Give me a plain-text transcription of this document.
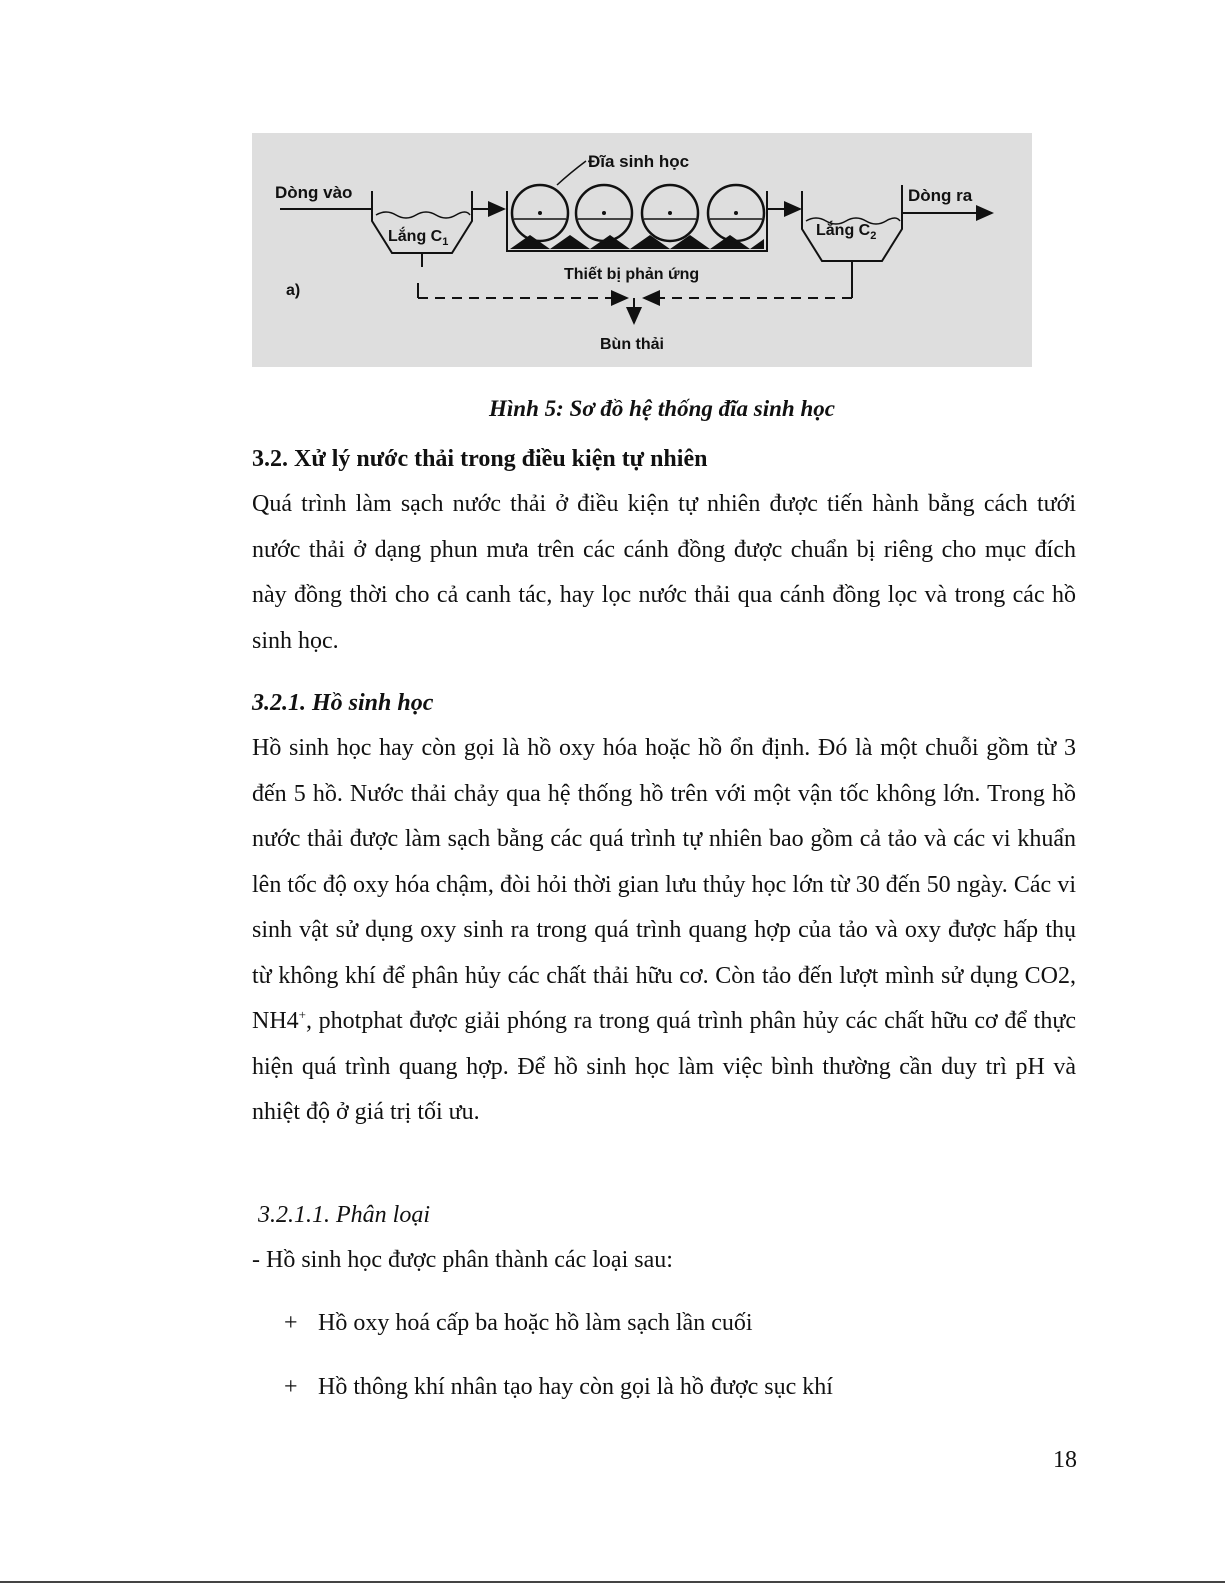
Dòng vào
Lắng $C_1$
Đĩa sinh học
Thiết bị phản ứng
Lắng $C_2$
Dòng ra
Bùn thải
a)
Hình 5: Sơ đồ hệ thống đĩa sinh học
3.2. Xử lý nước thải trong điều kiện tự nhiên
Quá trình làm sạch nước thải ở điều kiện tự nhiên được tiến hành bằng cách tưới nước thải ở dạng phun mưa trên các cánh đồng được chuẩn bị riêng cho mục đích này đồng thời cho cả canh tác, hay lọc nước thải qua cánh đồng lọc và trong các hồ sinh học.
3.2.1. Hồ sinh học
Hồ sinh học hay còn gọi là hồ oxy hóa hoặc hồ ổn định. Đó là một chuỗi gồm từ 3 đến 5 hồ. Nước thải chảy qua hệ thống hồ trên với một vận tốc không lớn. Trong hồ nước thải được làm sạch bằng các quá trình tự nhiên bao gồm cả tảo và các vi khuẩn lên tốc độ oxy hóa chậm, đòi hỏi thời gian lưu thủy học lớn từ 30 đến 50 ngày. Các vi sinh vật sử dụng oxy sinh ra trong quá trình quang hợp của tảo và oxy được hấp thụ từ không khí để phân hủy các chất thải hữu cơ. Còn tảo đến lượt mình sử dụng CO2, NH4+, photphat được giải phóng ra trong quá trình phân hủy các chất hữu cơ để thực hiện quá trình quang hợp. Để hồ sinh học làm việc bình thường cần duy trì pH và nhiệt độ ở giá trị tối ưu.
3.2.1.1. Phân loại
- Hồ sinh học được phân thành các loại sau:
+ Hồ oxy hoá cấp ba hoặc hồ làm sạch lần cuối
+ Hồ thông khí nhân tạo hay còn gọi là hồ được sục khí
18
